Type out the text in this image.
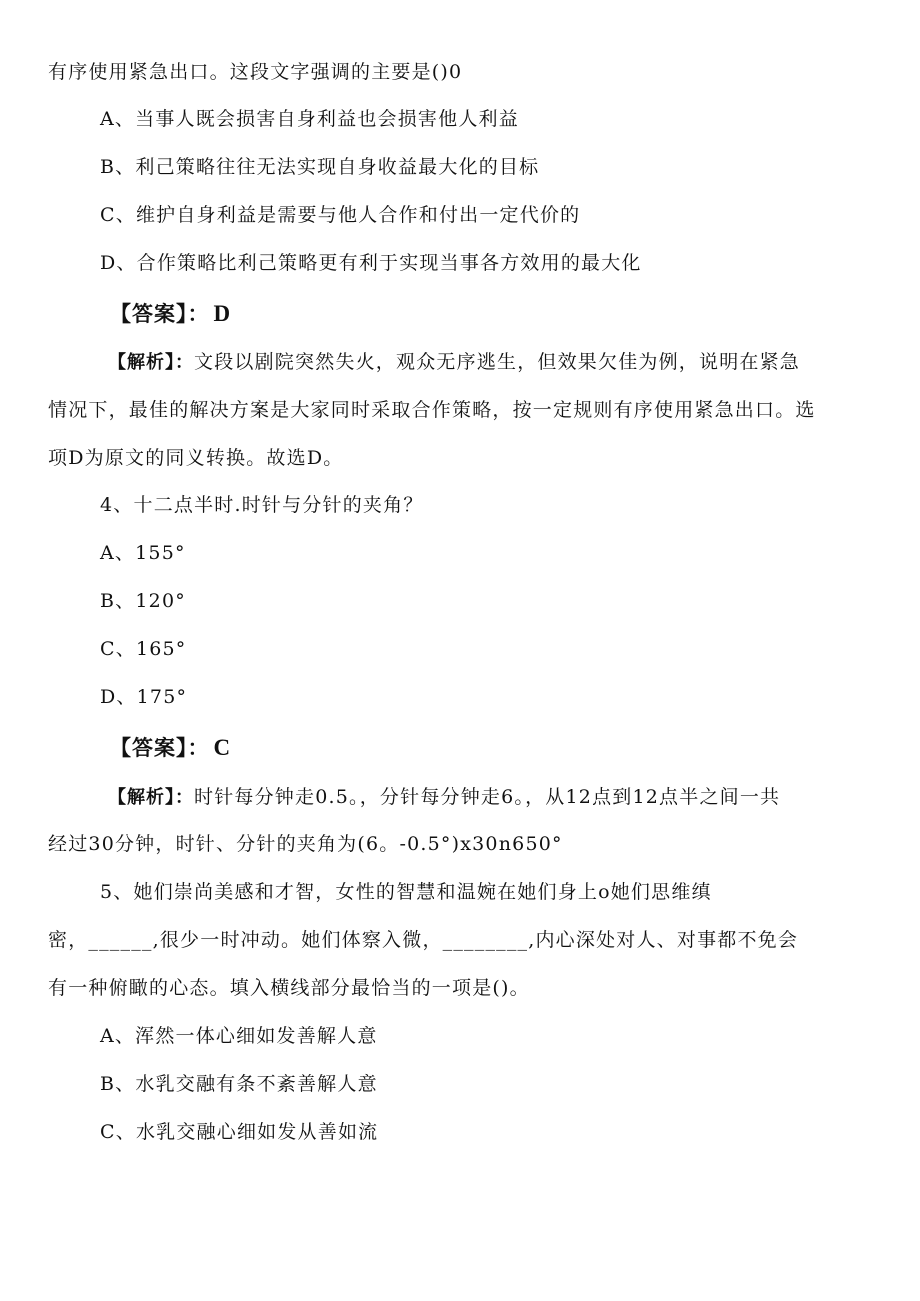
有序使用紧急出口。这段文字强调的主要是()0
A、当事人既会损害自身利益也会损害他人利益
B、利己策略往往无法实现自身收益最大化的目标
C、维护自身利益是需要与他人合作和付出一定代价的
D、合作策略比利己策略更有利于实现当事各方效用的最大化
【答案】： D
【解析】：文段以剧院突然失火，观众无序逃生，但效果欠佳为例，说明在紧急
情况下，最佳的解决方案是大家同时采取合作策略，按一定规则有序使用紧急出口。选
项D为原文的同义转换。故选D。
4、十二点半时.时针与分针的夹角？
A、155°
B、120°
C、165°
D、175°
【答案】： C
【解析】：时针每分钟走0.5。，分针每分钟走6。，从12点到12点半之间一共
经过30分钟，时针、分针的夹角为(6。-0.5°)x30n650°
5、她们崇尚美感和才智，女性的智慧和温婉在她们身上o她们思维缜
密，______,很少一时冲动。她们体察入微，________,内心深处对人、对事都不免会
有一种俯瞰的心态。填入横线部分最恰当的一项是()。
A、浑然一体心细如发善解人意
B、水乳交融有条不紊善解人意
C、水乳交融心细如发从善如流
